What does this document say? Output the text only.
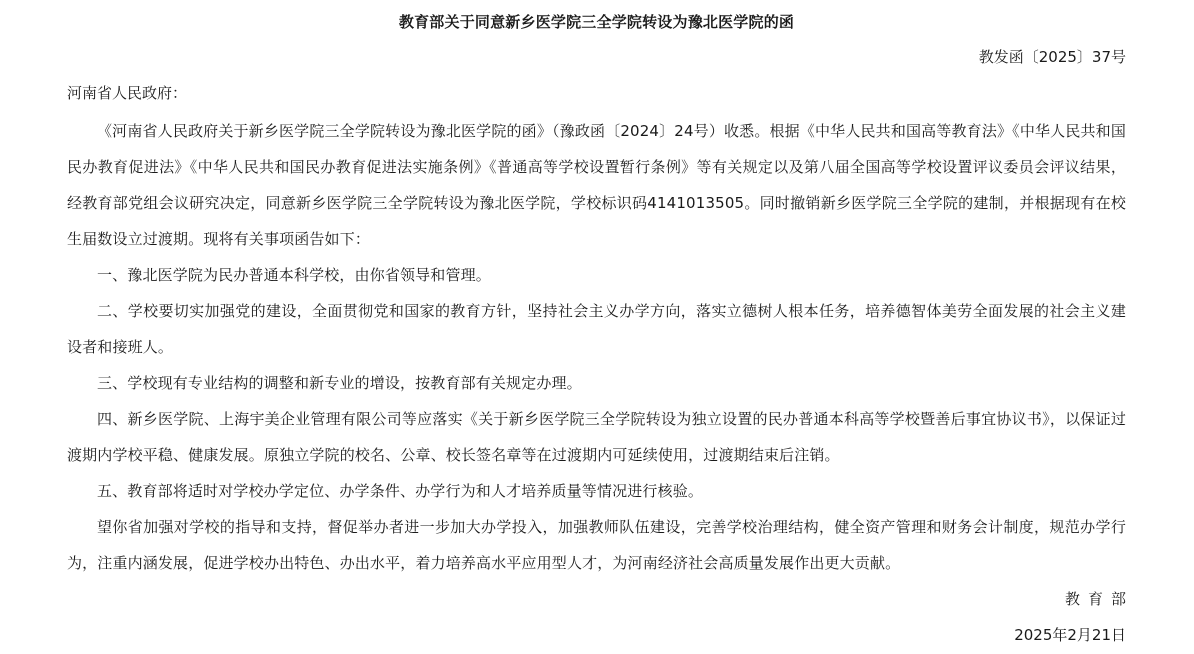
教育部关于同意新乡医学院三全学院转设为豫北医学院的函
教发函〔2025〕37号
河南省人民政府：

《河南省人民政府关于新乡医学院三全学院转设为豫北医学院的函》（豫政函〔2024〕24号）收悉。根据《中华人民共和国高等教育法》《中华人民共和国民办教育促进法》《中华人民共和国民办教育促进法实施条例》《普通高等学校设置暂行条例》等有关规定以及第八届全国高等学校设置评议委员会评议结果，经教育部党组会议研究决定，同意新乡医学院三全学院转设为豫北医学院，学校标识码4141013505。同时撤销新乡医学院三全学院的建制，并根据现有在校生届数设立过渡期。现将有关事项函告如下：

一、豫北医学院为民办普通本科学校，由你省领导和管理。

二、学校要切实加强党的建设，全面贯彻党和国家的教育方针，坚持社会主义办学方向，落实立德树人根本任务，培养德智体美劳全面发展的社会主义建设者和接班人。

三、学校现有专业结构的调整和新专业的增设，按教育部有关规定办理。

四、新乡医学院、上海宇美企业管理有限公司等应落实《关于新乡医学院三全学院转设为独立设置的民办普通本科高等学校暨善后事宜协议书》，以保证过渡期内学校平稳、健康发展。原独立学院的校名、公章、校长签名章等在过渡期内可延续使用，过渡期结束后注销。

五、教育部将适时对学校办学定位、办学条件、办学行为和人才培养质量等情况进行核验。

望你省加强对学校的指导和支持，督促举办者进一步加大办学投入，加强教师队伍建设，完善学校治理结构，健全资产管理和财务会计制度，规范办学行为，注重内涵发展，促进学校办出特色、办出水平，着力培养高水平应用型人才，为河南经济社会高质量发展作出更大贡献。

教育部
2025年2月21日
